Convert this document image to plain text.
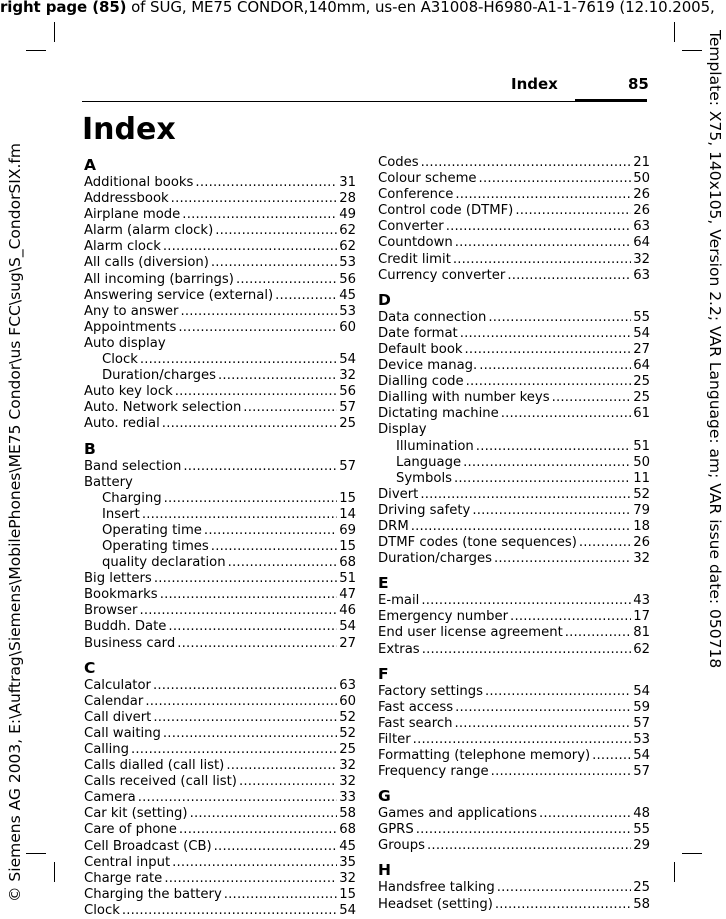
right page (85) of SUG, ME75 CONDOR,140mm, us-en A31008-H6980-A1-1-7619 (12.10.2005,
Template: X75, 140x105, Version 2.2; VAR Language: am; VAR issue date: 050718
© Siemens AG 2003, E:\Auftrag\Siemens\MobilePhones\ME75 Condor\us FCC\sug\S_CondorSIX.fm
Index	85
Index
A
Additional books .....	31
Addressbook .....	28
Airplane mode .....	49
Alarm (alarm clock) .....	62
Alarm clock .....	62
All calls (diversion) .....	53
All incoming (barrings) .....	56
Answering service (external) .....	45
Any to answer .....	53
Appointments .....	60
Auto display
Clock .....	54
Duration/charges .....	32
Auto key lock .....	56
Auto. Network selection .....	57
Auto. redial .....	25
B
Band selection .....	57
Battery
Charging .....	15
Insert .....	14
Operating time .....	69
Operating times .....	15
quality declaration .....	68
Big letters .....	51
Bookmarks .....	47
Browser .....	46
Buddh. Date .....	54
Business card .....	27
C
Calculator .....	63
Calendar .....	60
Call divert .....	52
Call waiting .....	52
Calling .....	25
Calls dialled (call list) .....	32
Calls received (call list) .....	32
Camera .....	33
Car kit (setting) .....	58
Care of phone .....	68
Cell Broadcast (CB) .....	45
Central input .....	35
Charge rate .....	32
Charging the battery .....	15
Clock .....	54
Codes .....	21
Colour scheme .....	50
Conference .....	26
Control code (DTMF) .....	26
Converter .....	63
Countdown .....	64
Credit limit .....	32
Currency converter .....	63
D
Data connection .....	55
Date format .....	54
Default book .....	27
Device manag. .....	64
Dialling code .....	25
Dialling with number keys .....	25
Dictating machine .....	61
Display
Illumination .....	51
Language .....	50
Symbols .....	11
Divert .....	52
Driving safety .....	79
DRM .....	18
DTMF codes (tone sequences) .....	26
Duration/charges .....	32
E
E-mail .....	43
Emergency number .....	17
End user license agreement .....	81
Extras .....	62
F
Factory settings .....	54
Fast access .....	59
Fast search .....	57
Filter .....	53
Formatting (telephone memory) .....	54
Frequency range .....	57
G
Games and applications .....	48
GPRS .....	55
Groups .....	29
H
Handsfree talking .....	25
Headset (setting) .....	58
